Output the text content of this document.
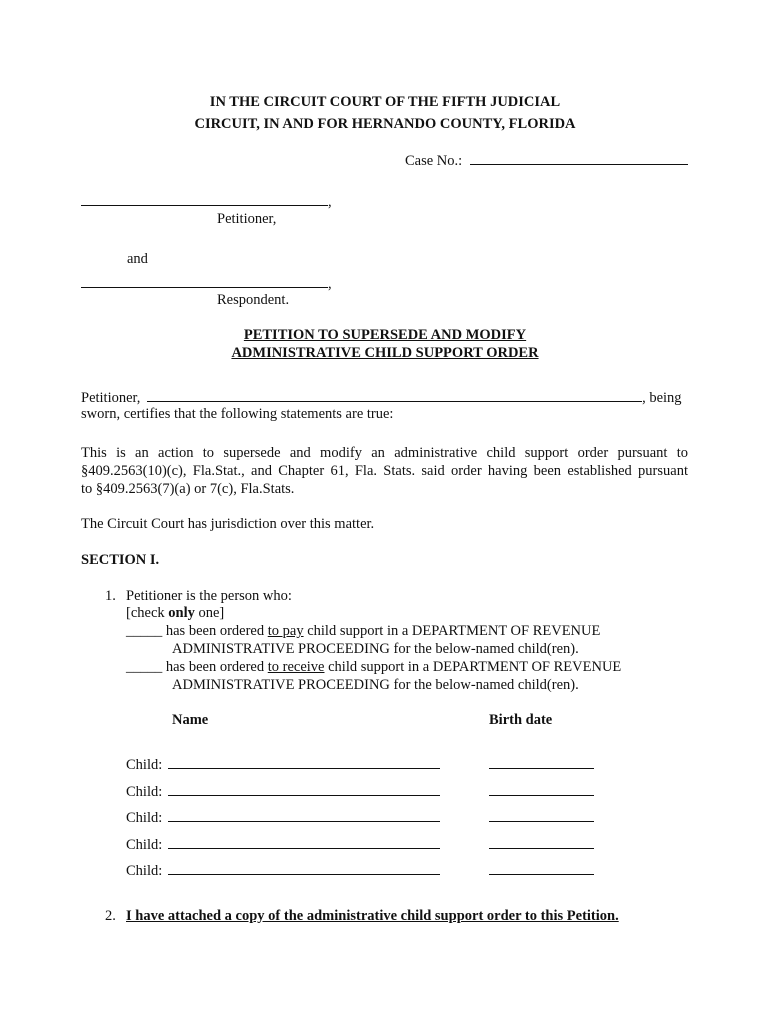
IN THE CIRCUIT COURT OF THE FIFTH JUDICIAL
CIRCUIT, IN AND FOR HERNANDO COUNTY, FLORIDA
Case No.:
,
Petitioner,
and
,
Respondent.
PETITION TO SUPERSEDE AND MODIFY
ADMINISTRATIVE CHILD SUPPORT ORDER
Petitioner,	, being
sworn, certifies that the following statements are true:
This is an action to supersede and modify an administrative child support order pursuant to
§409.2563(10)(c), Fla.Stat., and Chapter 61, Fla. Stats. said order having been established pursuant
to §409.2563(7)(a) or 7(c), Fla.Stats.
The Circuit Court has jurisdiction over this matter.
SECTION I.
1. Petitioner is the person who:
[check only one]
_____ has been ordered to pay child support in a DEPARTMENT OF REVENUE
ADMINISTRATIVE PROCEEDING for the below-named child(ren).
_____ has been ordered to receive child support in a DEPARTMENT OF REVENUE
ADMINISTRATIVE PROCEEDING for the below-named child(ren).
Name	Birth date
Child:
Child:
Child:
Child:
Child:
2. I have attached a copy of the administrative child support order to this Petition.
